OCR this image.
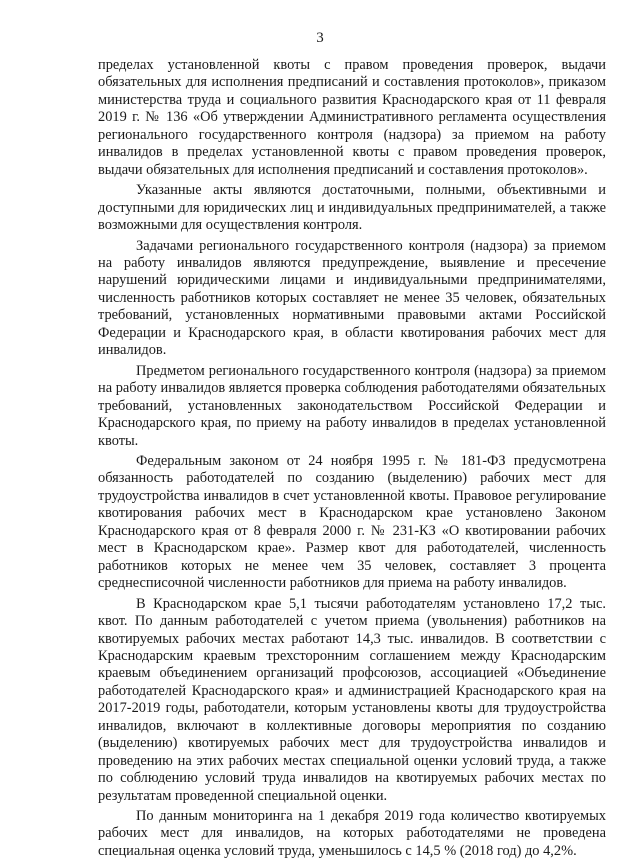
3

пределах установленной квоты с правом проведения проверок, выдачи обязательных для исполнения предписаний и составления протоколов», приказом министерства труда и социального развития Краснодарского края от 11 февраля 2019 г. № 136 «Об утверждении Административного регламента осуществления регионального государственного контроля (надзора) за приемом на работу инвалидов в пределах установленной квоты с правом проведения проверок, выдачи обязательных для исполнения предписаний и составления протоколов».

Указанные акты являются достаточными, полными, объективными и доступными для юридических лиц и индивидуальных предпринимателей, а также возможными для осуществления контроля.

Задачами регионального государственного контроля (надзора) за приемом на работу инвалидов являются предупреждение, выявление и пресечение нарушений юридическими лицами и индивидуальными предпринимателями, численность работников которых составляет не менее 35 человек, обязательных требований, установленных нормативными правовыми актами Российской Федерации и Краснодарского края, в области квотирования рабочих мест для инвалидов.

Предметом регионального государственного контроля (надзора) за приемом на работу инвалидов является проверка соблюдения работодателями обязательных требований, установленных законодательством Российской Федерации и Краснодарского края, по приему на работу инвалидов в пределах установленной квоты.

Федеральным законом от 24 ноября 1995 г. № 181-ФЗ предусмотрена обязанность работодателей по созданию (выделению) рабочих мест для трудоустройства инвалидов в счет установленной квоты. Правовое регулирование квотирования рабочих мест в Краснодарском крае установлено Законом Краснодарского края от 8 февраля 2000 г. № 231-КЗ «О квотировании рабочих мест в Краснодарском крае». Размер квот для работодателей, численность работников которых не менее чем 35 человек, составляет 3 процента среднесписочной численности работников для приема на работу инвалидов.

В Краснодарском крае 5,1 тысячи работодателям установлено 17,2 тыс. квот. По данным работодателей с учетом приема (увольнения) работников на квотируемых рабочих местах работают 14,3 тыс. инвалидов. В соответствии с Краснодарским краевым трехсторонним соглашением между Краснодарским краевым объединением организаций профсоюзов, ассоциацией «Объединение работодателей Краснодарского края» и администрацией Краснодарского края на 2017-2019 годы, работодатели, которым установлены квоты для трудоустройства инвалидов, включают в коллективные договоры мероприятия по созданию (выделению) квотируемых рабочих мест для трудоустройства инвалидов и проведению на этих рабочих местах специальной оценки условий труда, а также по соблюдению условий труда инвалидов на квотируемых рабочих местах по результатам проведенной специальной оценки.

По данным мониторинга на 1 декабря 2019 года количество квотируемых рабочих мест для инвалидов, на которых работодателями не проведена специальная оценка условий труда, уменьшилось с 14,5 % (2018 год) до 4,2%.
